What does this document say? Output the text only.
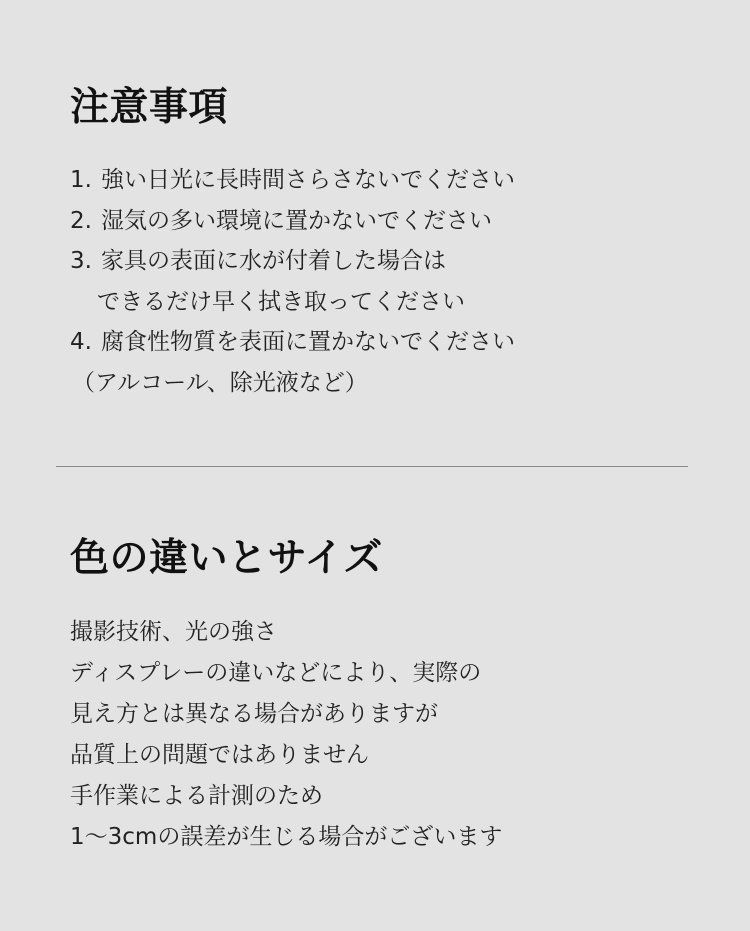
注意事項
1. 強い日光に長時間さらさないでください
2. 湿気の多い環境に置かないでください
3. 家具の表面に水が付着した場合は
できるだけ早く拭き取ってください
4. 腐食性物質を表面に置かないでください
（アルコール、除光液など）
色の違いとサイズ

撮影技術、光の強さ

ディスプレーの違いなどにより、実際の

見え方とは異なる場合がありますが

品質上の問題ではありません

手作業による計測のため

1～3cmの誤差が生じる場合がございます
